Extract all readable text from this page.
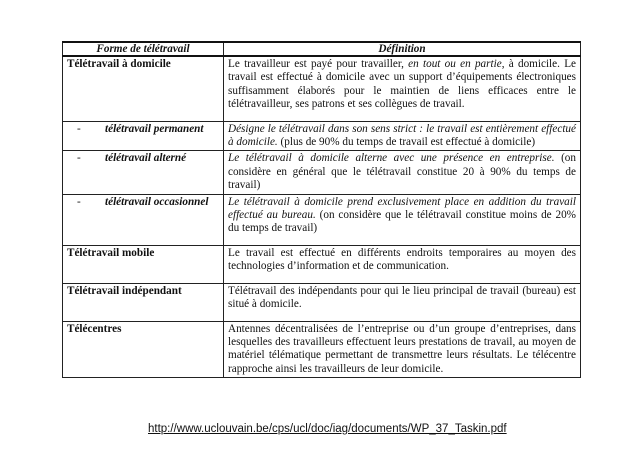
Forme de télétravail	Définition
Télétravail à domicile	Le travailleur est payé pour travailler, en tout ou en partie, à domicile. Le travail est effectué à domicile avec un support d’équipements électroniques suffisamment élaborés pour le maintien de liens efficaces entre le télétravailleur, ses patrons et ses collègues de travail.
- télétravail permanent	Désigne le télétravail dans son sens strict : le travail est entièrement effectué à domicile. (plus de 90% du temps de travail est effectué à domicile)
- télétravail alterné	Le télétravail à domicile alterne avec une présence en entreprise. (on considère en général que le télétravail constitue 20 à 90% du temps de travail)
- télétravail occasionnel	Le télétravail à domicile prend exclusivement place en addition du travail effectué au bureau. (on considère que le télétravail constitue moins de 20% du temps de travail)
Télétravail mobile	Le travail est effectué en différents endroits temporaires au moyen des technologies d’information et de communication.
Télétravail indépendant	Télétravail des indépendants pour qui le lieu principal de travail (bureau) est situé à domicile.
Télécentres	Antennes décentralisées de l’entreprise ou d’un groupe d’entreprises, dans lesquelles des travailleurs effectuent leurs prestations de travail, au moyen de matériel télématique permettant de transmettre leurs résultats. Le télécentre rapproche ainsi les travailleurs de leur domicile.
http://www.uclouvain.be/cps/ucl/doc/iag/documents/WP_37_Taskin.pdf
